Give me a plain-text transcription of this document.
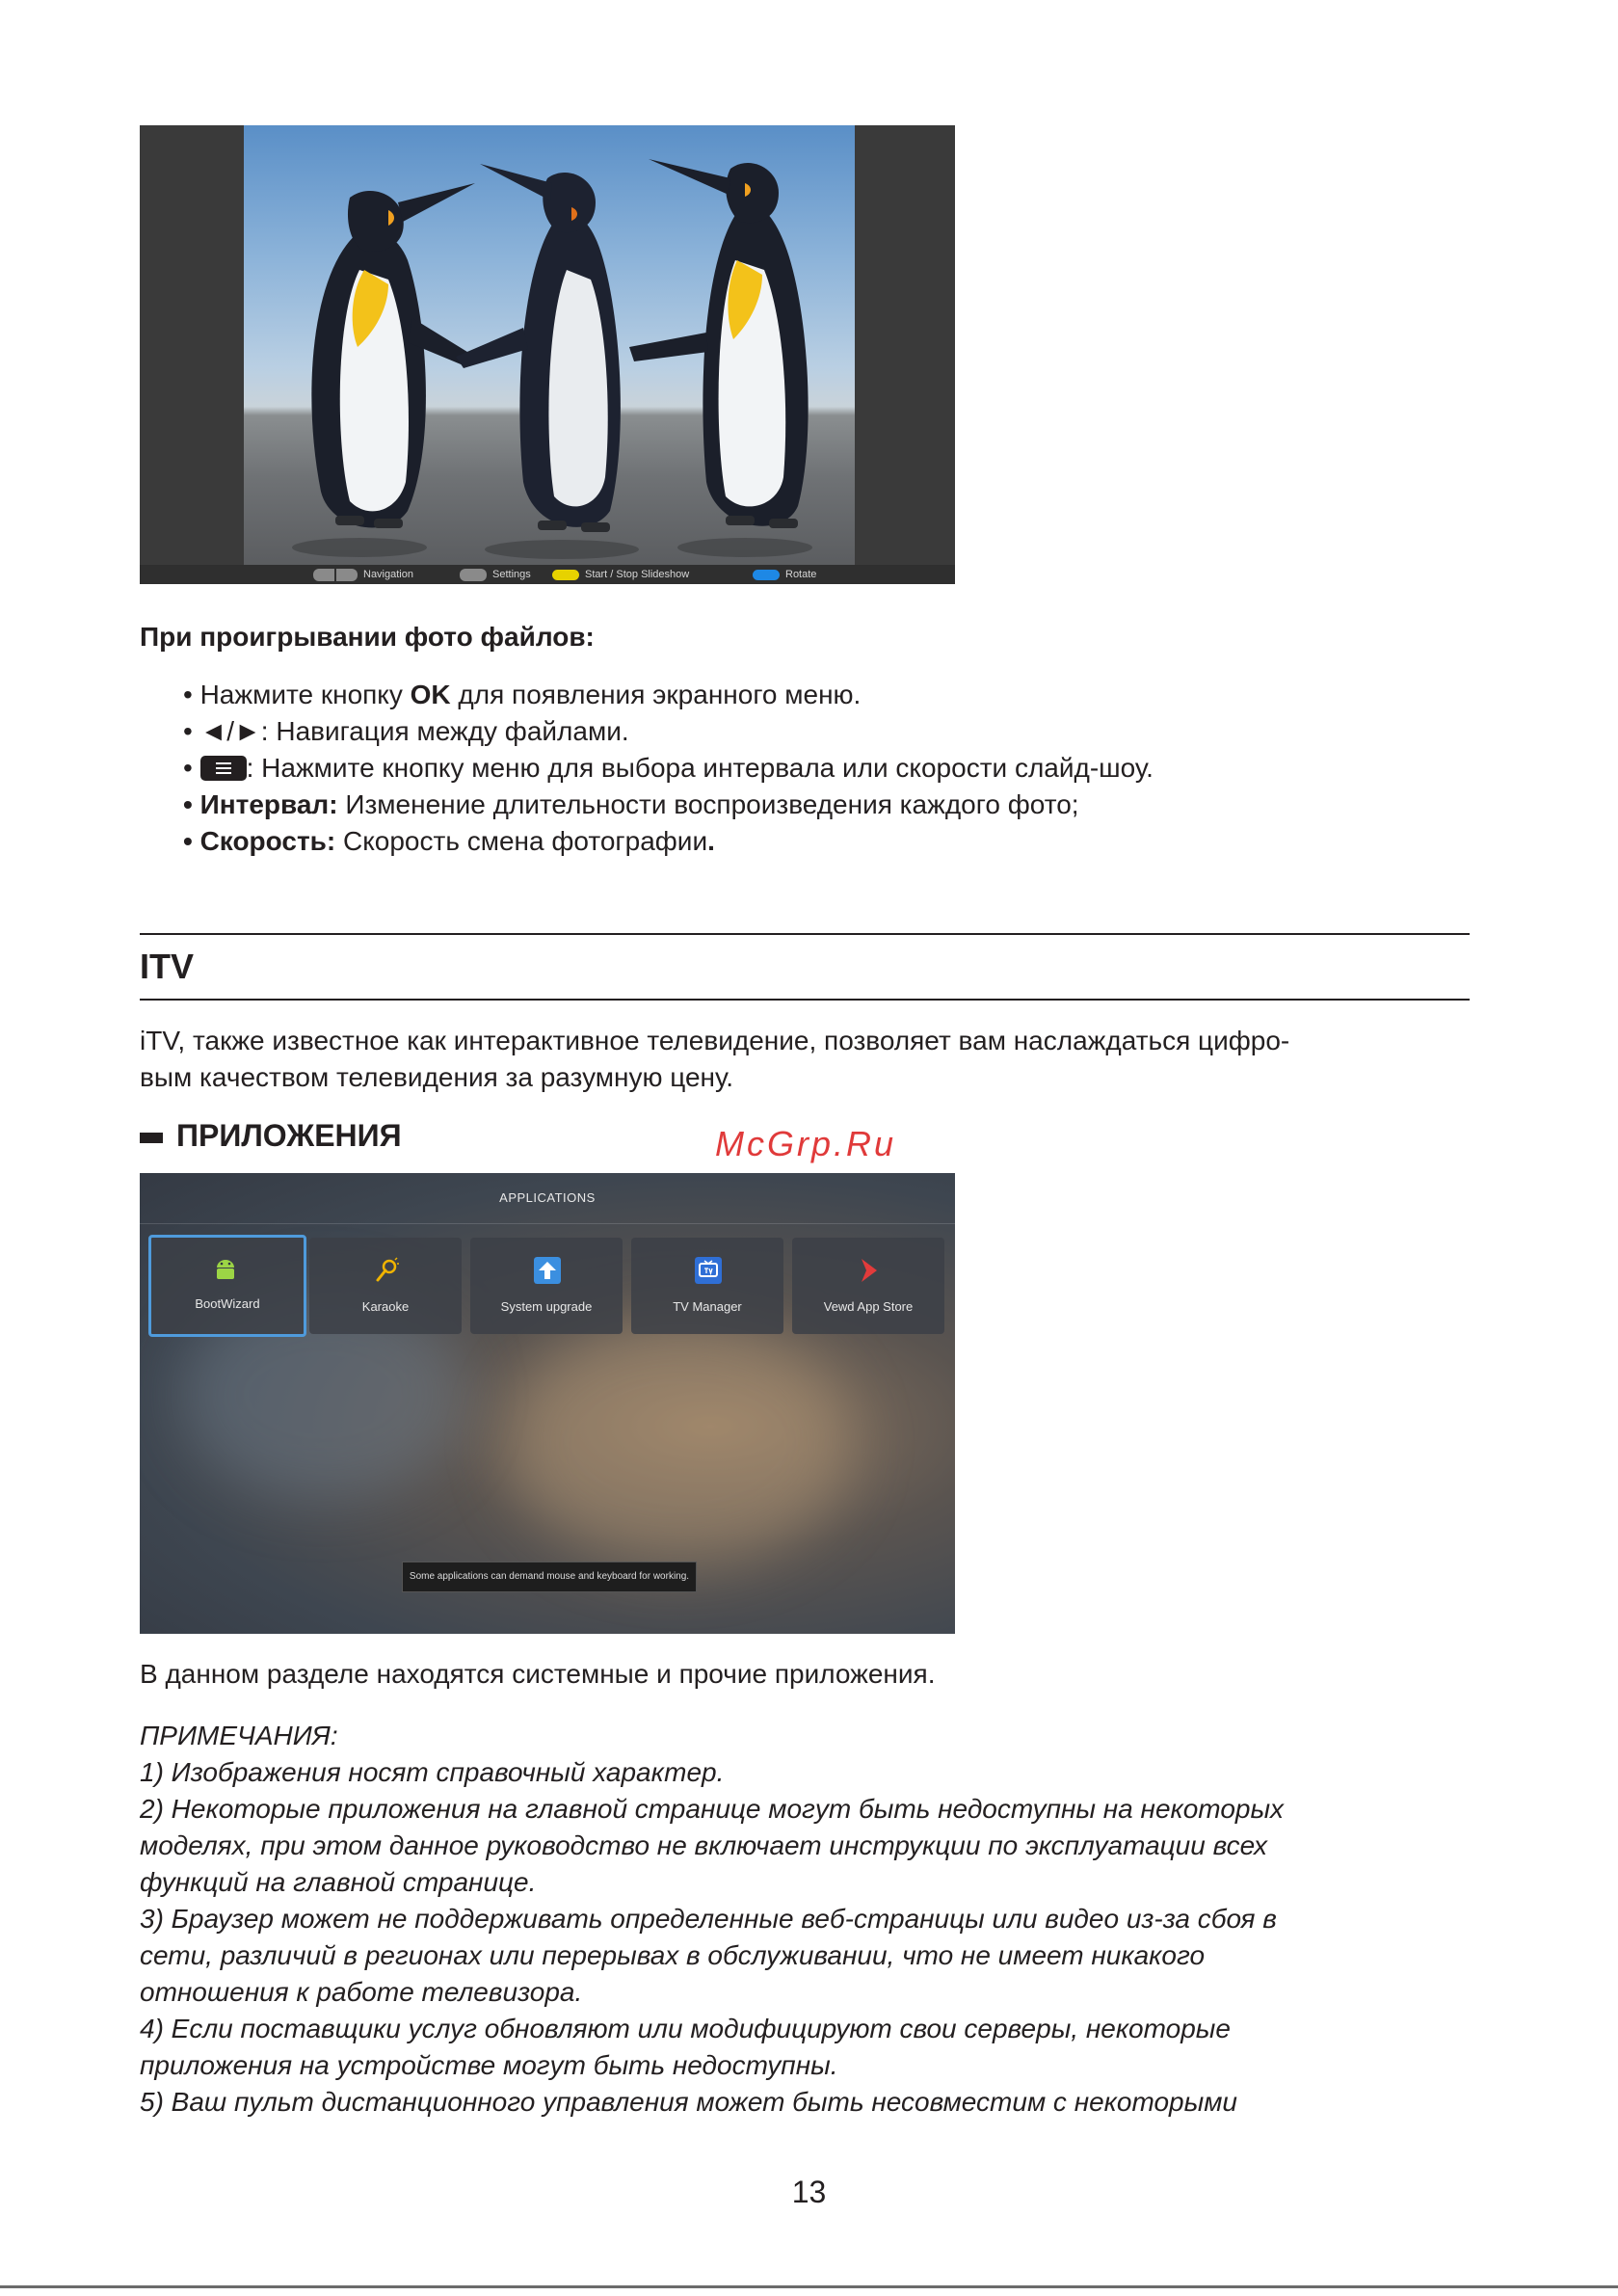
Navigation	Settings	Start / Stop Slideshow	Rotate
При проигрывании фото файлов:
• Нажмите кнопку OK для появления экранного меню.
• ◄/►: Навигация между файлами.
•
: Нажмите кнопку меню для выбора интервала или скорости слайд-шоу.
• Интервал: Изменение длительности воспроизведения каждого фото;
• Скорость: Скорость смена фотографии.
ITV
iTV, также известное как интерактивное телевидение, позволяет вам наслаждаться цифро-
вым качеством телевидения за разумную цену.
ПРИЛОЖЕНИЯ	McGrp.Ru
APPLICATIONS
BootWizard	Karaoke	System upgrade	TV Manager	Vewd App Store
Some applications can demand mouse and keyboard for working.
В данном разделе находятся системные и прочие приложения.
ПРИМЕЧАНИЯ:
1) Изображения носят справочный характер.
2) Некоторые приложения на главной странице могут быть недоступны на некоторых
моделях, при этом данное руководство не включает инструкции по эксплуатации всех
функций на главной странице.
3) Браузер может не поддерживать определенные веб-страницы или видео из-за сбоя в
сети, различий в регионах или перерывах в обслуживании, что не имеет никакого
отношения к работе телевизора.
4) Если поставщики услуг обновляют или модифицируют свои серверы, некоторые
приложения на устройстве могут быть недоступны.
5) Ваш пульт дистанционного управления может быть несовместим с некоторыми
13
